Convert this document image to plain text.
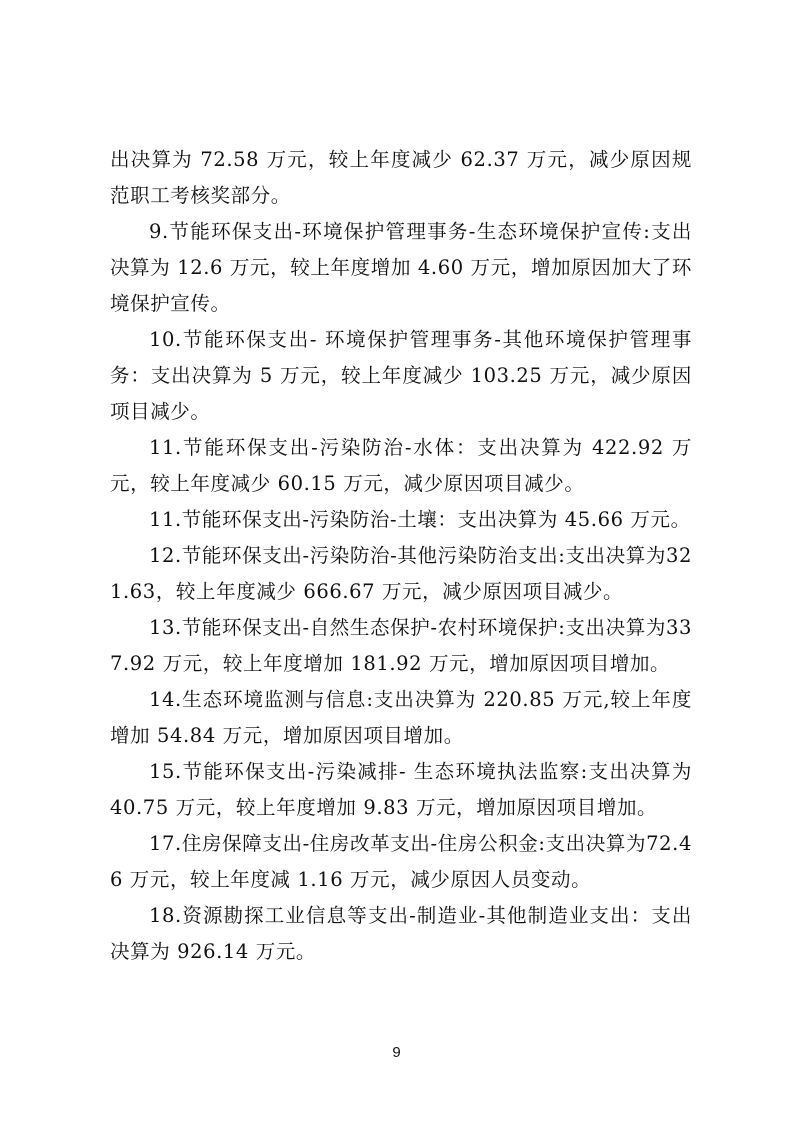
出决算为 72.58 万元，较上年度减少 62.37 万元，减少原因规范职工考核奖部分。

9.节能环保支出-环境保护管理事务-生态环境保护宣传:支出决算为 12.6 万元，较上年度增加 4.60 万元，增加原因加大了环境保护宣传。

10.节能环保支出- 环境保护管理事务-其他环境保护管理事务：支出决算为 5 万元，较上年度减少 103.25 万元，减少原因项目减少。

11.节能环保支出-污染防治-水体：支出决算为 422.92 万元，较上年度减少 60.15 万元，减少原因项目减少。

11.节能环保支出-污染防治-土壤：支出决算为 45.66 万元。

12.节能环保支出-污染防治-其他污染防治支出:支出决算为321.63，较上年度减少 666.67 万元，减少原因项目减少。

13.节能环保支出-自然生态保护-农村环境保护:支出决算为337.92 万元，较上年度增加 181.92 万元，增加原因项目增加。

14.生态环境监测与信息:支出决算为 220.85 万元,较上年度增加 54.84 万元，增加原因项目增加。

15.节能环保支出-污染减排- 生态环境执法监察:支出决算为 40.75 万元，较上年度增加 9.83 万元，增加原因项目增加。

17.住房保障支出-住房改革支出-住房公积金:支出决算为72.46 万元，较上年度减 1.16 万元，减少原因人员变动。

18.资源勘探工业信息等支出-制造业-其他制造业支出：支出决算为 926.14 万元。

9
